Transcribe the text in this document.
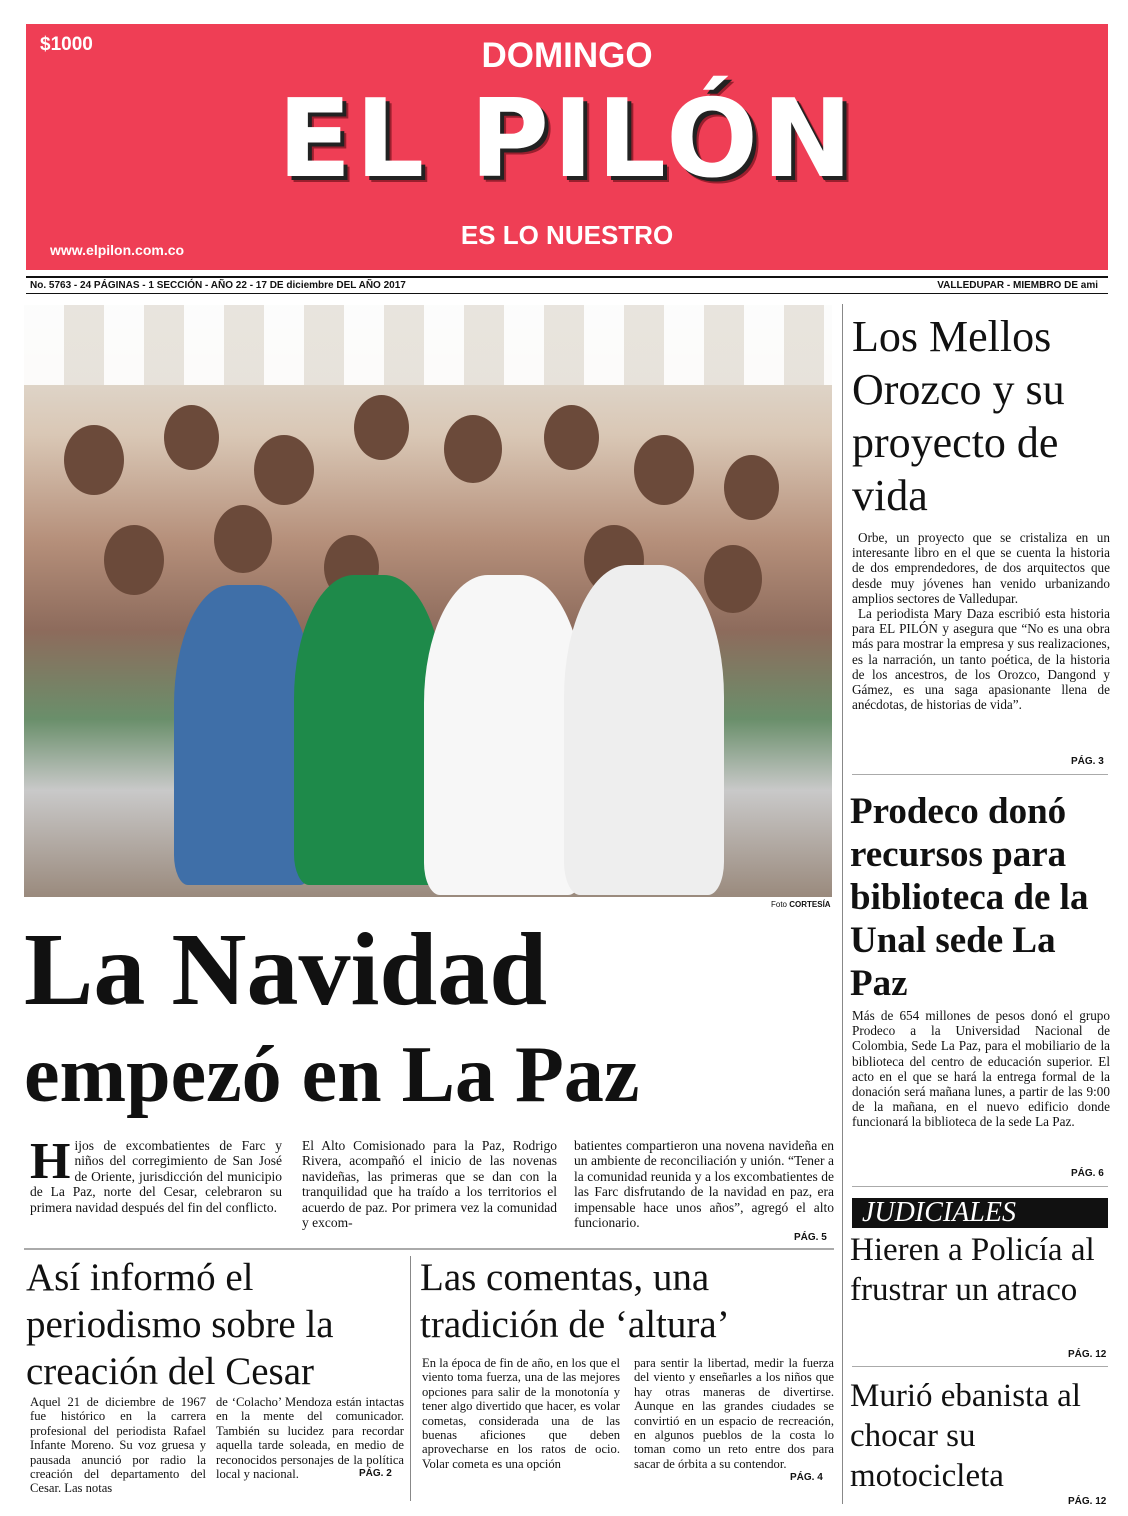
$1000	DOMINGO
EL PILÓN
ES LO NUESTRO
www.elpilon.com.co
No. 5763 - 24 PÁGINAS - 1 SECCIÓN - AÑO 22 - 17 DE diciembre DEL AÑO 2017	VALLEDUPAR - MIEMBRO DE ami
Foto CORTESÍA
La Navidad
empezó en La Paz
Hijos de excombatientes de Farc y niños del corregimiento de San José de Oriente, jurisdicción del municipio de La Paz, norte del Cesar, celebraron su primera navidad después del fin del conflicto.
El Alto Comisionado para la Paz, Rodrigo Rivera, acompañó el inicio de las novenas navideñas, las primeras que se dan con la tranquilidad que ha traído a los territorios el acuerdo de paz. Por primera vez la comunidad y excom-
batientes compartieron una novena navideña en un ambiente de reconciliación y unión. “Tener a la comunidad reunida y a los excombatientes de las Farc disfrutando de la navidad en paz, era impensable hace unos años”, agregó el alto funcionario.
PÁG. 5
Así informó el periodismo sobre la creación del Cesar
Aquel 21 de diciembre de 1967 fue histórico en la carrera profesional del periodista Rafael Infante Moreno. Su voz gruesa y pausada anunció por radio la creación del departamento del Cesar. Las notas
de ‘Colacho’ Mendoza están intactas en la mente del comunicador. También su lucidez para recordar aquella tarde soleada, en medio de reconocidos personajes de la política local y nacional.	PÁG. 2
Las comentas, una tradición de ‘altura’
En la época de fin de año, en los que el viento toma fuerza, una de las mejores opciones para salir de la monotonía y tener algo divertido que hacer, es volar cometas, considerada una de las buenas aficiones que deben aprovecharse en los ratos de ocio. Volar cometa es una opción
para sentir la libertad, medir la fuerza del viento y enseñarles a los niños que hay otras maneras de divertirse. Aunque en las grandes ciudades se convirtió en un espacio de recreación, en algunos pueblos de la costa lo toman como un reto entre dos para sacar de órbita a su contendor.
PÁG. 4
Los Mellos Orozco y su proyecto de vida
Orbe, un proyecto que se cristaliza en un interesante libro en el que se cuenta la historia de dos emprendedores, de dos arquitectos que desde muy jóvenes han venido urbanizando amplios sectores de Valledupar.
La periodista Mary Daza escribió esta historia para EL PILÓN y asegura que “No es una obra más para mostrar la empresa y sus realizaciones, es la narración, un tanto poética, de la historia de los ancestros, de los Orozco, Dangond y Gámez, es una saga apasionante llena de anécdotas, de historias de vida”.
PÁG. 3
Prodeco donó recursos para biblioteca de la Unal sede La Paz
Más de 654 millones de pesos donó el grupo Prodeco a la Universidad Nacional de Colombia, Sede La Paz, para el mobiliario de la biblioteca del centro de educación superior. El acto en el que se hará la entrega formal de la donación será mañana lunes, a partir de las 9:00 de la mañana, en el nuevo edificio donde funcionará la biblioteca de la sede La Paz.
PÁG. 6
JUDICIALES
Hieren a Policía al frustrar un atraco
PÁG. 12
Murió ebanista al chocar su motocicleta
PÁG. 12
